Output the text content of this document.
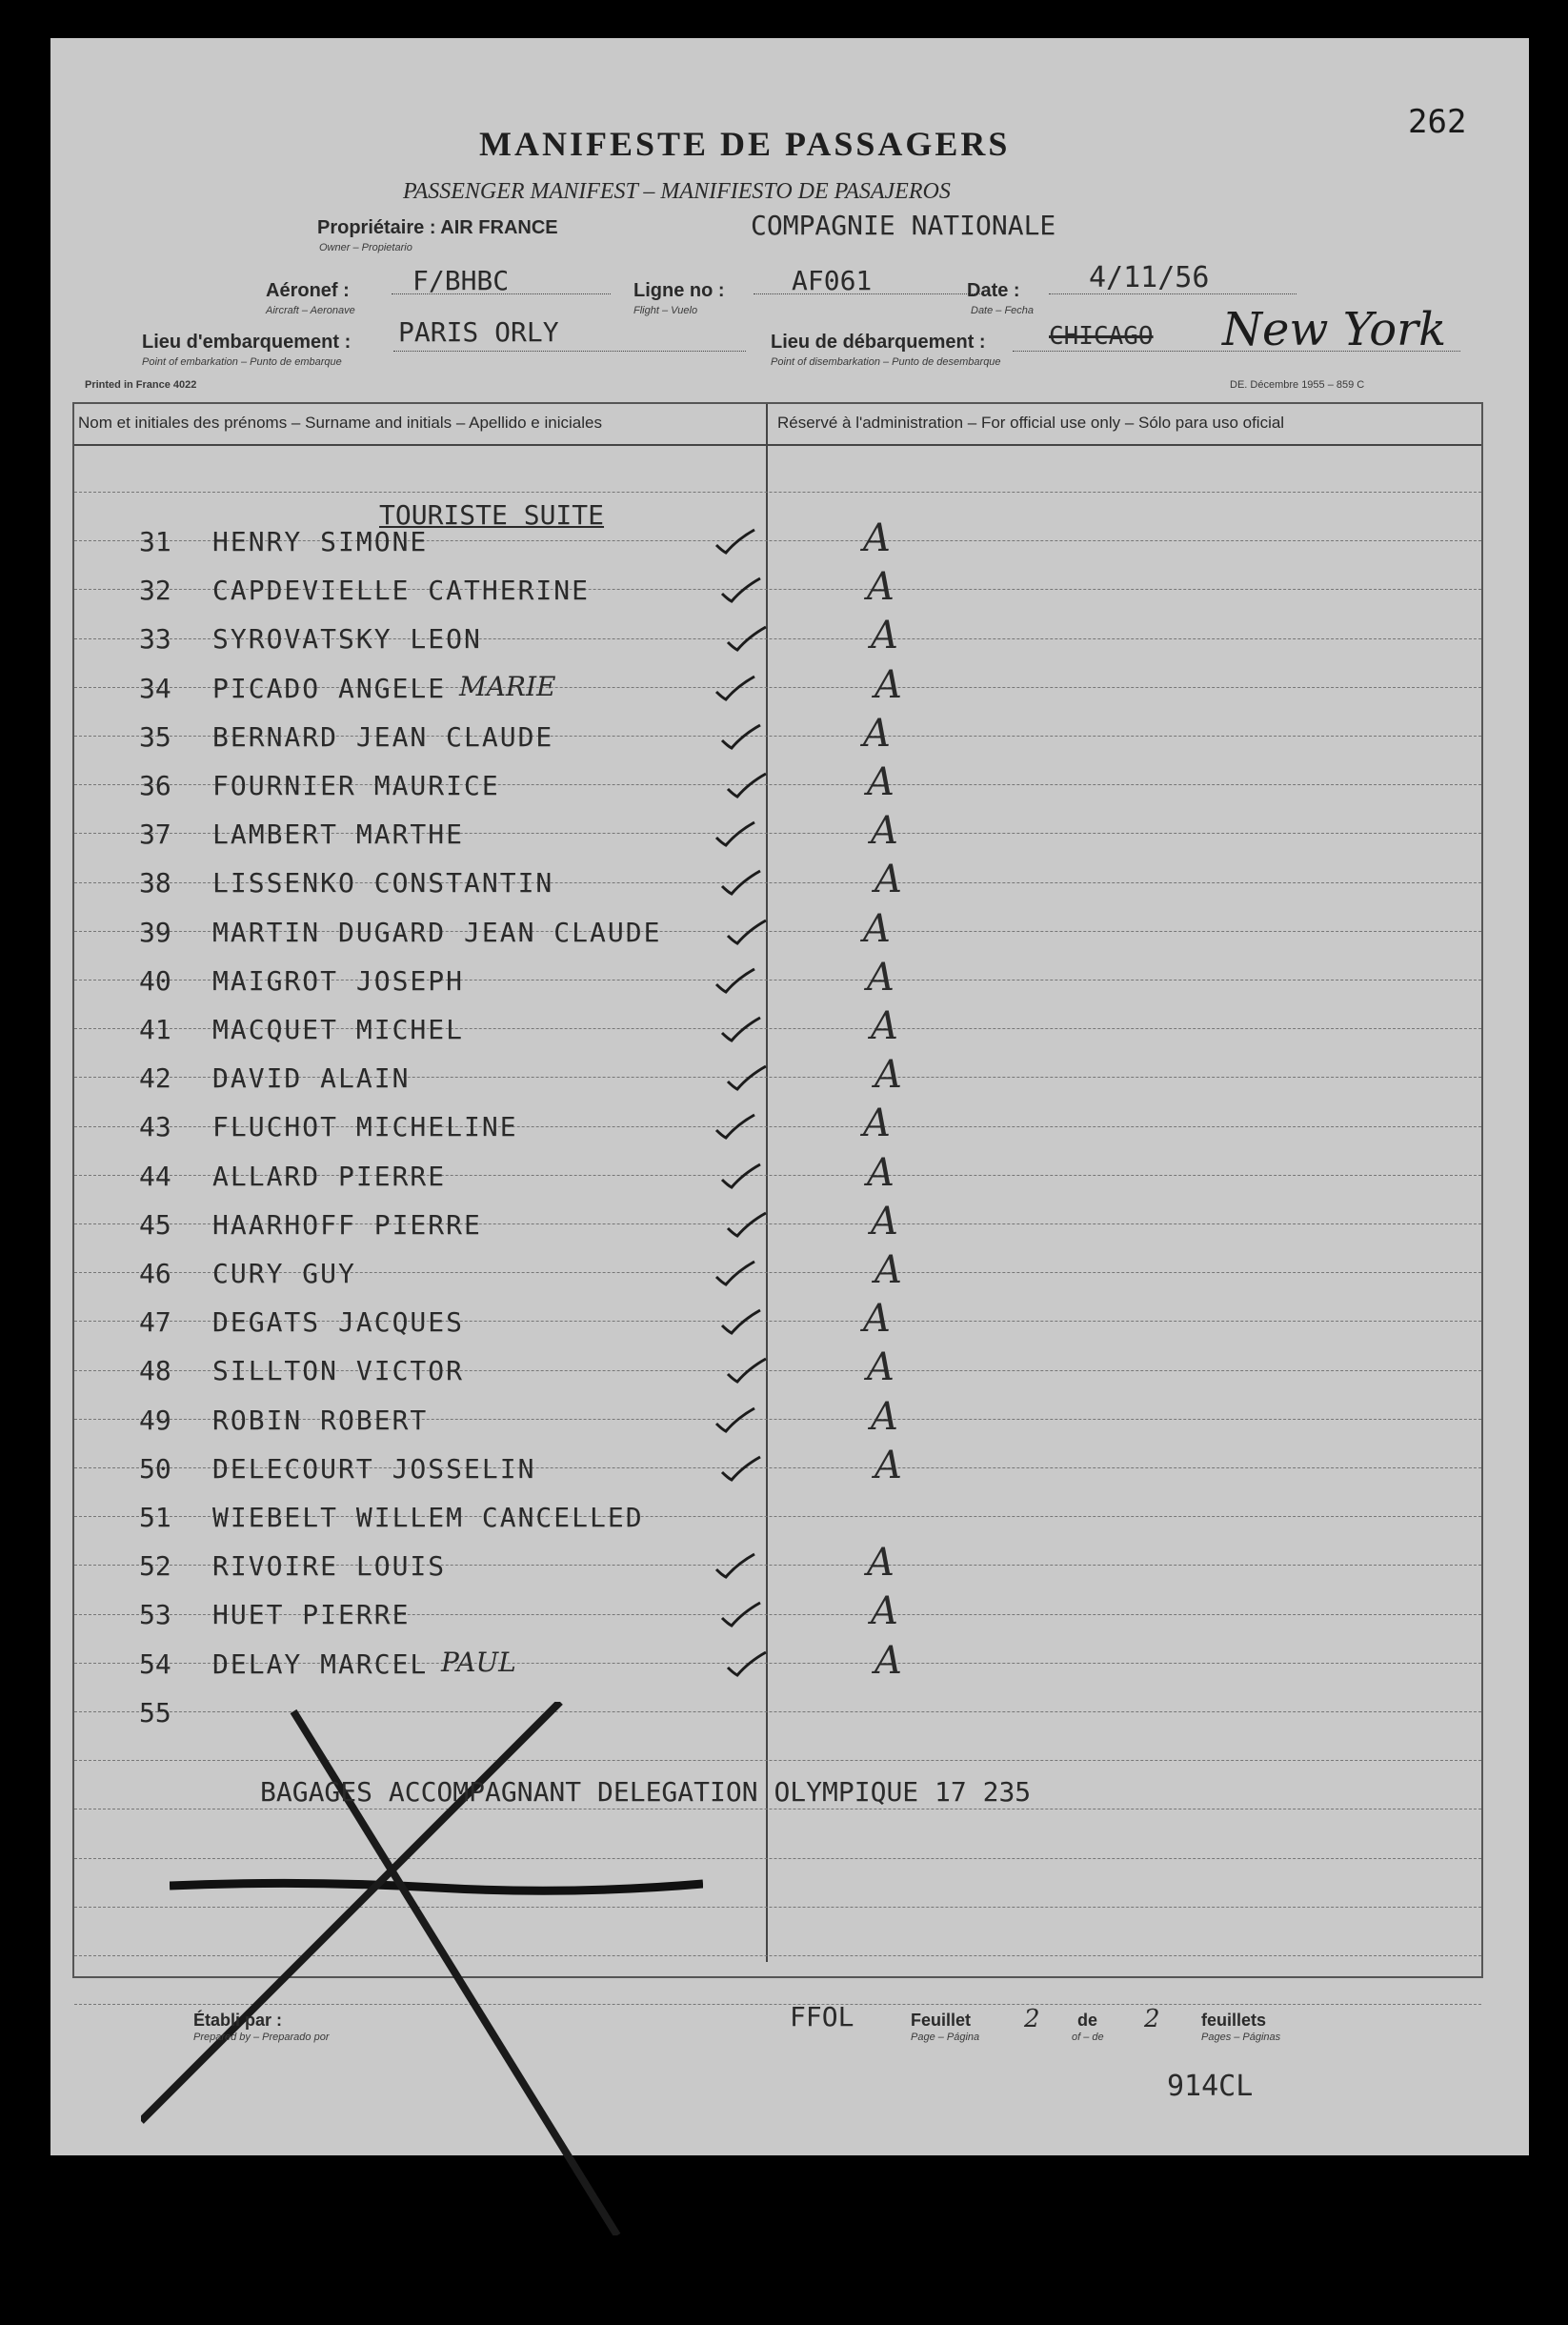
262
MANIFESTE DE PASSAGERS
PASSENGER MANIFEST – MANIFIESTO DE PASAJEROS
Propriétaire : AIR FRANCE
Owner – Propietario
COMPAGNIE NATIONALE
Aéronef :
Aircraft – Aeronave
F/BHBC	Ligne no :
Flight – Vuelo
AF061	Date :
Date – Fecha
4/11/56
Lieu d'embarquement :
Point of embarkation – Punto de embarque
PARIS ORLY	Lieu de débarquement :
Point of disembarkation – Punto de desembarque
CHICAGO New York
Printed in France 4022	DE. Décembre 1955 – 859 C
Nom et initiales des prénoms – Surname and initials – Apellido e iniciales	Réservé à l'administration – For official use only – Sólo para uso oficial
TOURISTE SUITE
31 HENRY SIMONE	A
32 CAPDEVIELLE CATHERINE	A
33 SYROVATSKY LEON	A
34 PICADO ANGELE MARIE	A
35 BERNARD JEAN CLAUDE	A
36 FOURNIER MAURICE	A
37 LAMBERT MARTHE	A
38 LISSENKO CONSTANTIN	A
39 MARTIN DUGARD JEAN CLAUDE	A
40 MAIGROT JOSEPH	A
41 MACQUET MICHEL	A
42 DAVID ALAIN	A
43 FLUCHOT MICHELINE	A
44 ALLARD PIERRE	A
45 HAARHOFF PIERRE	A
46 CURY GUY	A
47 DEGATS JACQUES	A
48 SILLTON VICTOR	A
49 ROBIN ROBERT	A
50 DELECOURT JOSSELIN	A
51 WIEBELT WILLEM CANCELLED
52 RIVOIRE LOUIS	A
53 HUET PIERRE	A
54 DELAY MARCEL PAUL	A
55
BAGAGES ACCOMPAGNANT DELEGATION OLYMPIQUE 17 235
Établi par :
Prepared by – Preparado por
FFOL	Feuillet
Page – Página
2 de
of – de
2 feuillets
Pages – Páginas
914CL
